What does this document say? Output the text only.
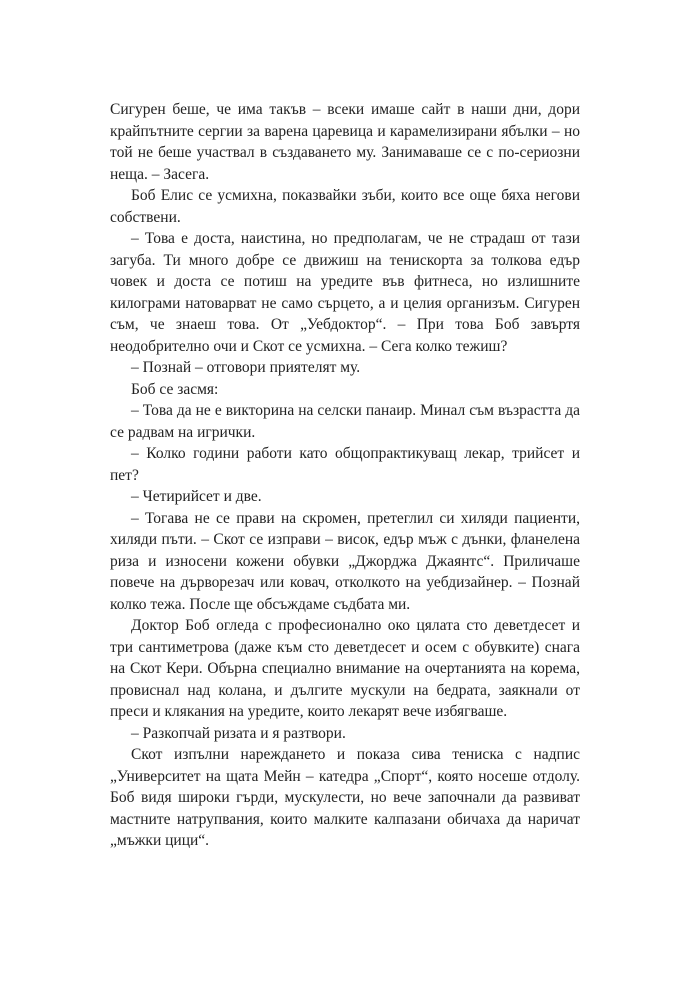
Сигурен беше, че има такъв – всеки имаше сайт в наши дни, дори крайпътните сергии за варена царевица и карамелизирани ябълки – но той не беше участвал в създаването му. Занимаваше се с по-сериозни неща. – Засега.

Боб Елис се усмихна, показвайки зъби, които все още бяха негови собствени.

– Това е доста, наистина, но предполагам, че не страдаш от тази загуба. Ти много добре се движиш на тенискорта за толкова едър човек и доста се потиш на уредите във фитнеса, но излишните килограми натоварват не само сърцето, а и целия организъм. Сигурен съм, че знаеш това. От „Уебдоктор“. – При това Боб завъртя неодобрително очи и Скот се усмихна. – Сега колко тежиш?

– Познай – отговори приятелят му.

Боб се засмя:

– Това да не е викторина на селски панаир. Минал съм възрастта да се радвам на игрички.

– Колко години работи като общопрактикуващ лекар, трийсет и пет?

– Четирийсет и две.

– Тогава не се прави на скромен, претеглил си хиляди пациенти, хиляди пъти. – Скот се изправи – висок, едър мъж с дънки, фланелена риза и износени кожени обувки „Джорджа Джаянтс“. Приличаше повече на дърворезач или ковач, отколкото на уебдизайнер. – Познай колко тежа. После ще обсъждаме съдбата ми.

Доктор Боб огледа с професионално око цялата сто деветдесет и три сантиметрова (даже към сто деветдесет и осем с обувките) снага на Скот Кери. Обърна специално внимание на очертанията на корема, провиснал над колана, и дългите мускули на бедрата, заякнали от преси и клякания на уредите, които лекарят вече избягваше.

– Разкопчай ризата и я разтвори.

Скот изпълни нареждането и показа сива тениска с надпис „Университет на щата Мейн – катедра „Спорт“, която носеше отдолу. Боб видя широки гърди, мускулести, но вече започнали да развиват мастните натрупвания, които малките калпазани обичаха да наричат „мъжки цици“.
